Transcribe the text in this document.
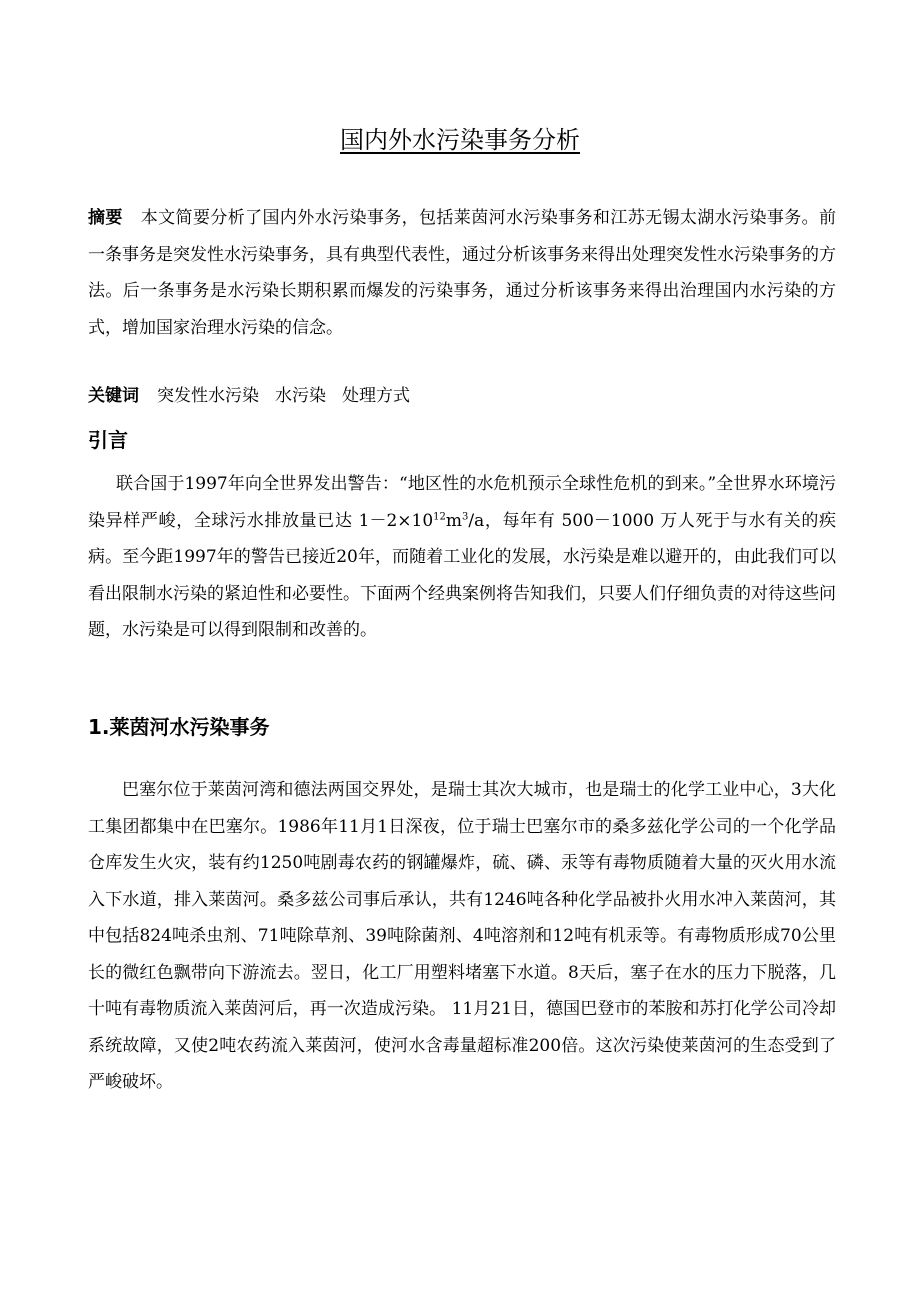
国内外水污染事务分析
摘要 本文简要分析了国内外水污染事务，包括莱茵河水污染事务和江苏无锡太湖水污染事务。前一条事务是突发性水污染事务，具有典型代表性，通过分析该事务来得出处理突发性水污染事务的方法。后一条事务是水污染长期积累而爆发的污染事务，通过分析该事务来得出治理国内水污染的方式，增加国家治理水污染的信念。
关键词 突发性水污染 水污染 处理方式
引言
联合国于1997年向全世界发出警告：“地区性的水危机预示全球性危机的到来。”全世界水环境污染异样严峻，全球污水排放量已达 $1-2\times 10^{12}m^3/a$，每年有 500－1000 万人死于与水有关的疾病。至今距1997年的警告已接近20年，而随着工业化的发展，水污染是难以避开的，由此我们可以看出限制水污染的紧迫性和必要性。下面两个经典案例将告知我们，只要人们仔细负责的对待这些问题，水污染是可以得到限制和改善的。
1.莱茵河水污染事务
巴塞尔位于莱茵河湾和德法两国交界处，是瑞士其次大城市，也是瑞士的化学工业中心，3大化工集团都集中在巴塞尔。1986年11月1日深夜，位于瑞士巴塞尔市的桑多兹化学公司的一个化学品仓库发生火灾，装有约1250吨剧毒农药的钢罐爆炸，硫、磷、汞等有毒物质随着大量的灭火用水流入下水道，排入莱茵河。桑多兹公司事后承认，共有1246吨各种化学品被扑火用水冲入莱茵河，其中包括824吨杀虫剂、71吨除草剂、39吨除菌剂、4吨溶剂和12吨有机汞等。有毒物质形成70公里长的微红色飘带向下游流去。翌日，化工厂用塑料堵塞下水道。8天后，塞子在水的压力下脱落，几十吨有毒物质流入莱茵河后，再一次造成污染。 11月21日，德国巴登市的苯胺和苏打化学公司冷却系统故障，又使2吨农药流入莱茵河，使河水含毒量超标准200倍。这次污染使莱茵河的生态受到了严峻破坏。
